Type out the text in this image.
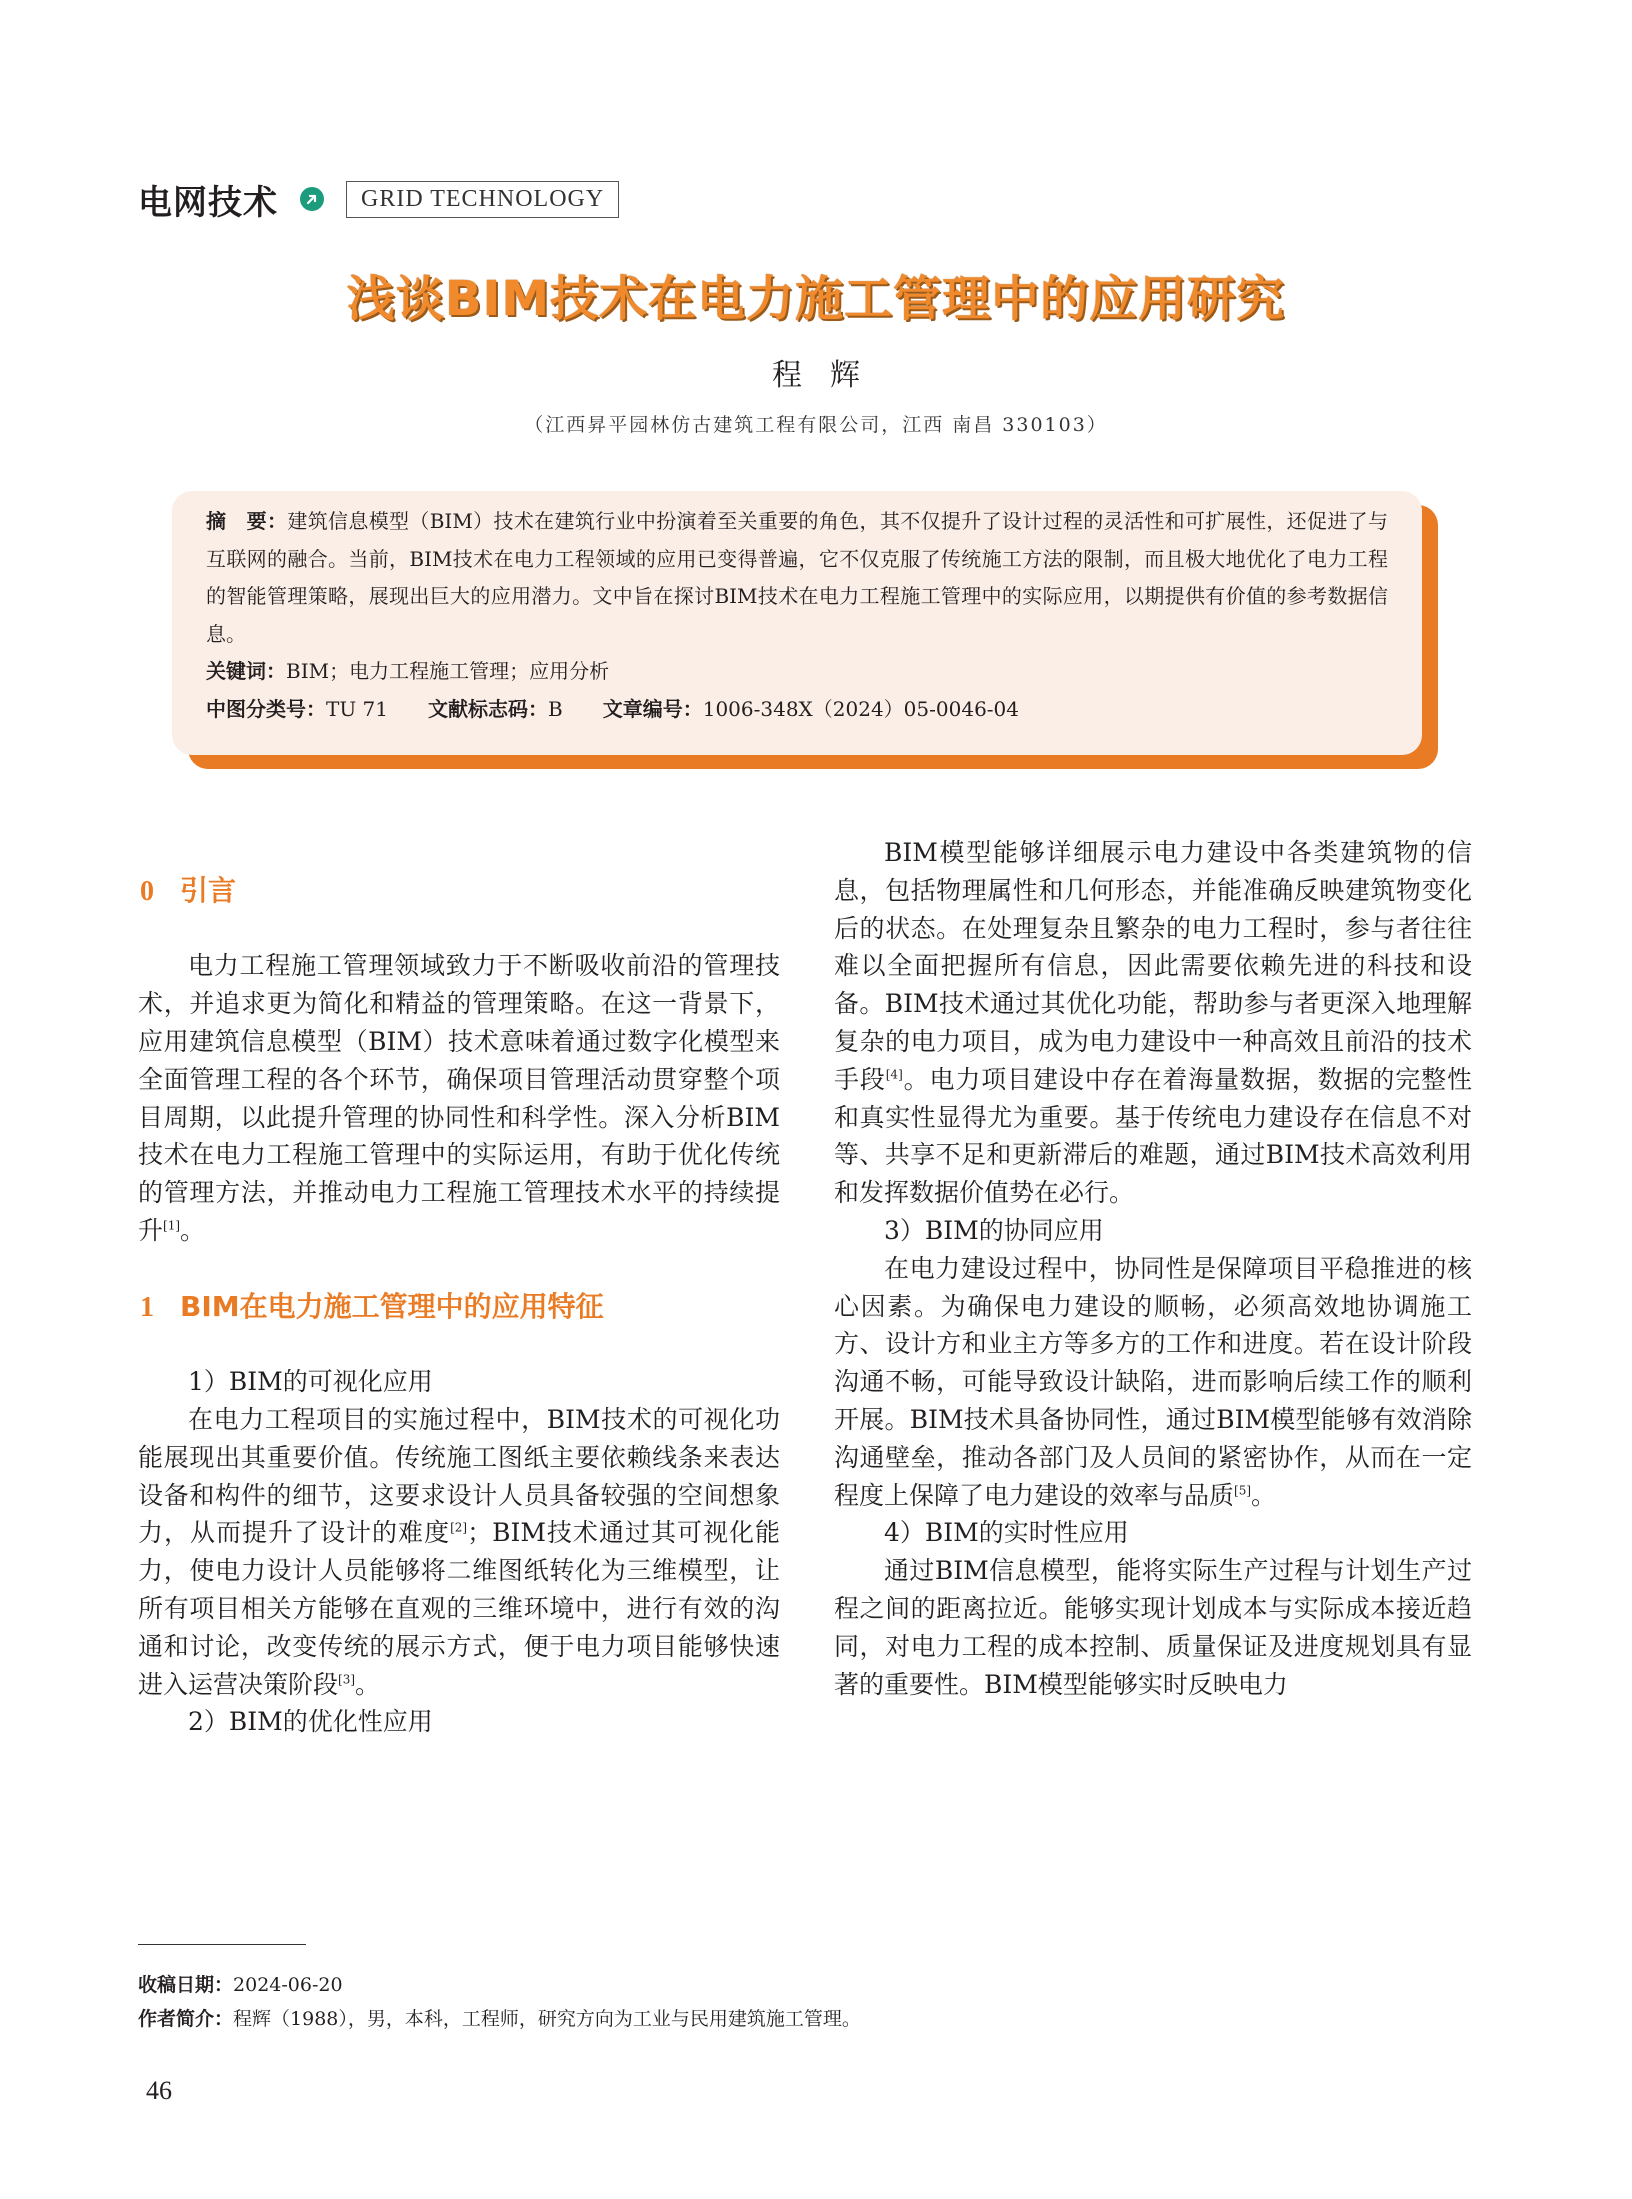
电网技术	GRID TECHNOLOGY
浅谈BIM技术在电力施工管理中的应用研究
程辉
（江西昇平园林仿古建筑工程有限公司，江西 南昌 330103）

摘　要：建筑信息模型（BIM）技术在建筑行业中扮演着至关重要的角色，其不仅提升了设计过程的灵活性和可扩展性，还促进了与互联网的融合。当前，BIM技术在电力工程领域的应用已变得普遍，它不仅克服了传统施工方法的限制，而且极大地优化了电力工程的智能管理策略，展现出巨大的应用潜力。文中旨在探讨BIM技术在电力工程施工管理中的实际应用，以期提供有价值的参考数据信息。

关键词：BIM；电力工程施工管理；应用分析

中图分类号：TU 71 文献标志码：B 文章编号：1006-348X（2024）05-0046-04

0 引言

电力工程施工管理领域致力于不断吸收前沿的管理技术，并追求更为简化和精益的管理策略。在这一背景下，应用建筑信息模型（BIM）技术意味着通过数字化模型来全面管理工程的各个环节，确保项目管理活动贯穿整个项目周期，以此提升管理的协同性和科学性。深入分析BIM技术在电力工程施工管理中的实际运用，有助于优化传统的管理方法，并推动电力工程施工管理技术水平的持续提升[1]。

1 BIM在电力施工管理中的应用特征

1）BIM的可视化应用

在电力工程项目的实施过程中，BIM技术的可视化功能展现出其重要价值。传统施工图纸主要依赖线条来表达设备和构件的细节，这要求设计人员具备较强的空间想象力，从而提升了设计的难度[2]；BIM技术通过其可视化能力，使电力设计人员能够将二维图纸转化为三维模型，让所有项目相关方能够在直观的三维环境中，进行有效的沟通和讨论，改变传统的展示方式，便于电力项目能够快速进入运营决策阶段[3]。

2）BIM的优化性应用

BIM模型能够详细展示电力建设中各类建筑物的信息，包括物理属性和几何形态，并能准确反映建筑物变化后的状态。在处理复杂且繁杂的电力工程时，参与者往往难以全面把握所有信息，因此需要依赖先进的科技和设备。BIM技术通过其优化功能，帮助参与者更深入地理解复杂的电力项目，成为电力建设中一种高效且前沿的技术手段[4]。电力项目建设中存在着海量数据，数据的完整性和真实性显得尤为重要。基于传统电力建设存在信息不对等、共享不足和更新滞后的难题，通过BIM技术高效利用和发挥数据价值势在必行。

3）BIM的协同应用

在电力建设过程中，协同性是保障项目平稳推进的核心因素。为确保电力建设的顺畅，必须高效地协调施工方、设计方和业主方等多方的工作和进度。若在设计阶段沟通不畅，可能导致设计缺陷，进而影响后续工作的顺利开展。BIM技术具备协同性，通过BIM模型能够有效消除沟通壁垒，推动各部门及人员间的紧密协作，从而在一定程度上保障了电力建设的效率与品质[5]。

4）BIM的实时性应用

通过BIM信息模型，能将实际生产过程与计划生产过程之间的距离拉近。能够实现计划成本与实际成本接近趋同，对电力工程的成本控制、质量保证及进度规划具有显著的重要性。BIM模型能够实时反映电力

收稿日期：2024-06-20
作者简介：程辉（1988），男，本科，工程师，研究方向为工业与民用建筑施工管理。
46
